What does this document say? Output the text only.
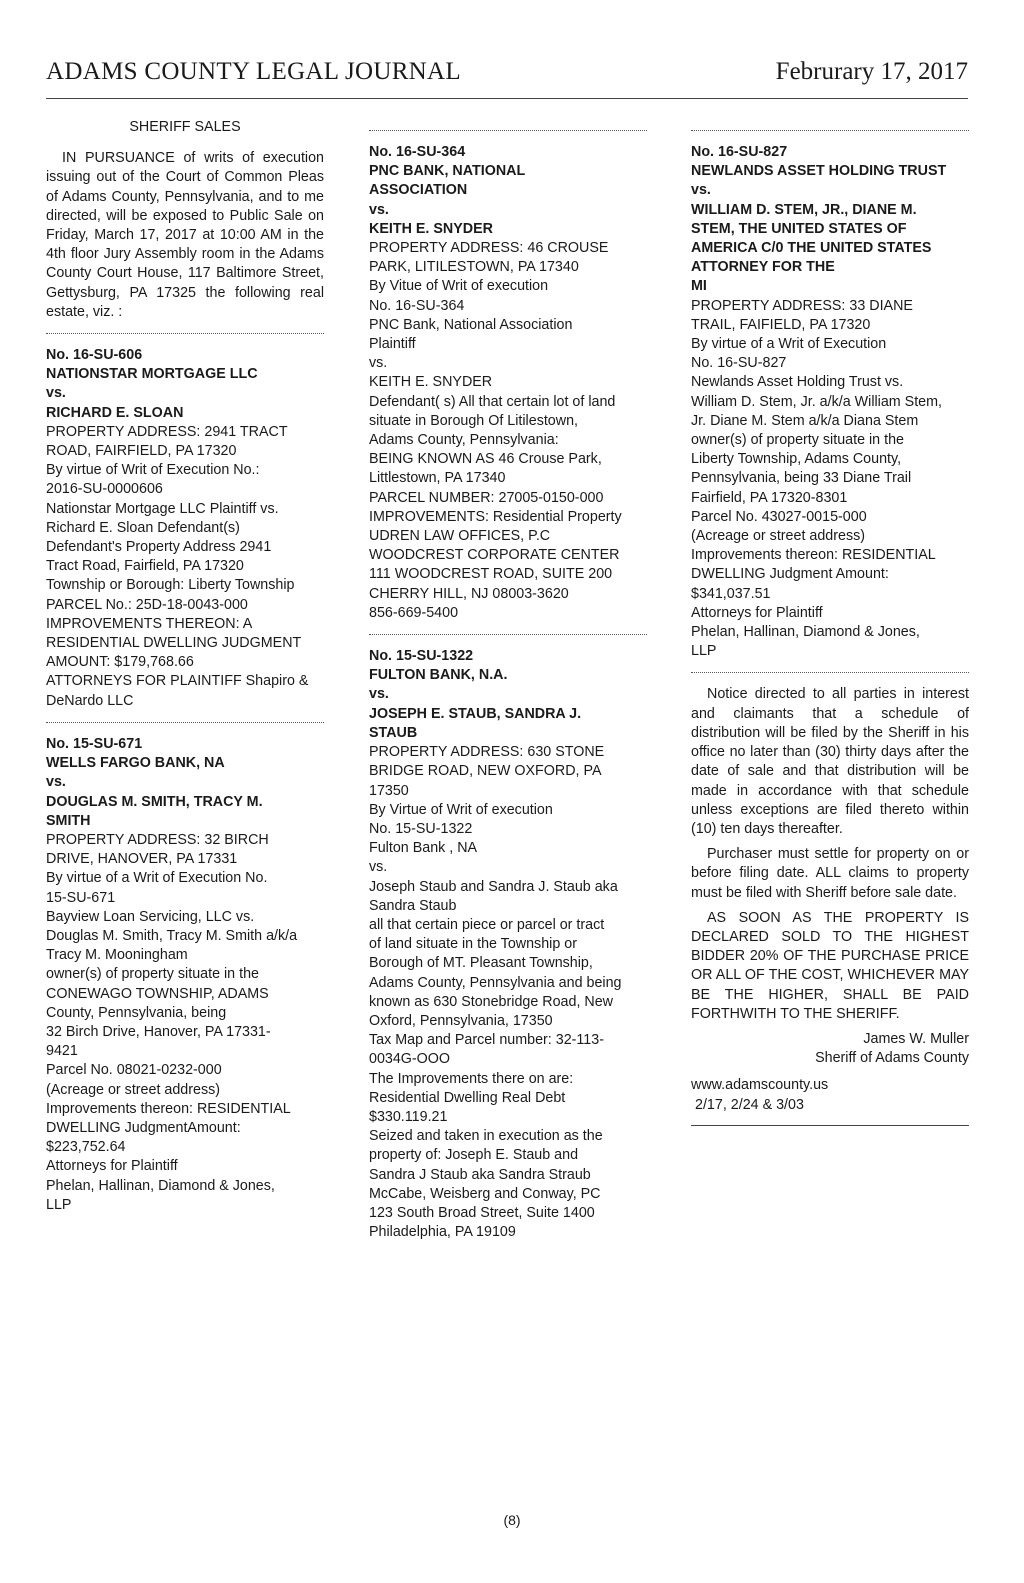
ADAMS COUNTY LEGAL JOURNAL	Februrary 17, 2017

SHERIFF SALES

IN PURSUANCE of writs of execution issuing out of the Court of Common Pleas of Adams County, Pennsylvania, and to me directed, will be exposed to Public Sale on Friday, March 17, 2017 at 10:00 AM in the 4th floor Jury Assembly room in the Adams County Court House, 117 Baltimore Street, Gettysburg, PA 17325 the following real estate, viz. :

No. 16-SU-606

NATIONSTAR MORTGAGE LLC

vs.

RICHARD E. SLOAN

PROPERTY ADDRESS: 2941 TRACT
ROAD, FAIRFIELD, PA 17320
By virtue of Writ of Execution No.:
2016-SU-0000606
Nationstar Mortgage LLC Plaintiff vs.
Richard E. Sloan Defendant(s)
Defendant's Property Address 2941
Tract Road, Fairfield, PA 17320
Township or Borough: Liberty Township
PARCEL No.: 25D-18-0043-000
IMPROVEMENTS THEREON: A
RESIDENTIAL DWELLING JUDGMENT
AMOUNT: $179,768.66
ATTORNEYS FOR PLAINTIFF Shapiro &
DeNardo LLC

No. 15-SU-671

WELLS FARGO BANK, NA

vs.

DOUGLAS M. SMITH, TRACY M.
SMITH

PROPERTY ADDRESS: 32 BIRCH
DRIVE, HANOVER, PA 17331
By virtue of a Writ of Execution No.
15-SU-671
Bayview Loan Servicing, LLC vs.
Douglas M. Smith, Tracy M. Smith a/k/a
Tracy M. Mooningham
owner(s) of property situate in the
CONEWAGO TOWNSHIP, ADAMS
County, Pennsylvania, being
32 Birch Drive, Hanover, PA 17331-
9421
Parcel No. 08021-0232-000
(Acreage or street address)
Improvements thereon: RESIDENTIAL
DWELLING JudgmentAmount:
$223,752.64
Attorneys for Plaintiff
Phelan, Hallinan, Diamond & Jones,
LLP

No. 16-SU-364

PNC BANK, NATIONAL
ASSOCIATION

vs.

KEITH E. SNYDER

PROPERTY ADDRESS: 46 CROUSE
PARK, LITILESTOWN, PA 17340
By Vitue of Writ of execution
No. 16-SU-364
PNC Bank, National Association
Plaintiff
vs.
KEITH E. SNYDER
Defendant( s) All that certain lot of land
situate in Borough Of Litilestown,
Adams County, Pennsylvania:
BEING KNOWN AS 46 Crouse Park,
Littlestown, PA 17340
PARCEL NUMBER: 27005-0150-000
IMPROVEMENTS: Residential Property
UDREN LAW OFFICES, P.C
WOODCREST CORPORATE CENTER
111 WOODCREST ROAD, SUITE 200
CHERRY HILL, NJ 08003-3620
856-669-5400

No. 15-SU-1322

FULTON BANK, N.A.

vs.

JOSEPH E. STAUB, SANDRA J.
STAUB

PROPERTY ADDRESS: 630 STONE
BRIDGE ROAD, NEW OXFORD, PA
17350
By Virtue of Writ of execution
No. 15-SU-1322
Fulton Bank , NA
vs.
Joseph Staub and Sandra J. Staub aka
Sandra Staub
all that certain piece or parcel or tract
of land situate in the Township or
Borough of MT. Pleasant Township,
Adams County, Pennsylvania and being
known as 630 Stonebridge Road, New
Oxford, Pennsylvania, 17350
Tax Map and Parcel number: 32-113-
0034G-OOO
The Improvements there on are:
Residential Dwelling Real Debt
$330.119.21
Seized and taken in execution as the
property of: Joseph E. Staub and
Sandra J Staub aka Sandra Straub
McCabe, Weisberg and Conway, PC
123 South Broad Street, Suite 1400
Philadelphia, PA 19109

No. 16-SU-827

NEWLANDS ASSET HOLDING TRUST

vs.

WILLIAM D. STEM, JR., DIANE M.
STEM, THE UNITED STATES OF
AMERICA C/0 THE UNITED STATES
ATTORNEY FOR THE
MI

PROPERTY ADDRESS: 33 DIANE
TRAIL, FAIFIELD, PA 17320
By virtue of a Writ of Execution
No. 16-SU-827
Newlands Asset Holding Trust vs.
William D. Stem, Jr. a/k/a William Stem,
Jr. Diane M. Stem a/k/a Diana Stem
owner(s) of property situate in the
Liberty Township, Adams County,
Pennsylvania, being 33 Diane Trail
Fairfield, PA 17320-8301
Parcel No. 43027-0015-000
(Acreage or street address)
Improvements thereon: RESIDENTIAL
DWELLING Judgment Amount:
$341,037.51
Attorneys for Plaintiff
Phelan, Hallinan, Diamond & Jones,
LLP

Notice directed to all parties in interest and claimants that a schedule of distribution will be filed by the Sheriff in his office no later than (30) thirty days after the date of sale and that distribution will be made in accordance with that schedule unless exceptions are filed thereto within (10) ten days thereafter.

Purchaser must settle for property on or before filing date. ALL claims to property must be filed with Sheriff before sale date.

AS SOON AS THE PROPERTY IS DECLARED SOLD TO THE HIGHEST BIDDER 20% OF THE PURCHASE PRICE OR ALL OF THE COST, WHICHEVER MAY BE THE HIGHER, SHALL BE PAID FORTHWITH TO THE SHERIFF.

James W. Muller

Sheriff of Adams County

www.adamscounty.us

2/17, 2/24 & 3/03

(8)
